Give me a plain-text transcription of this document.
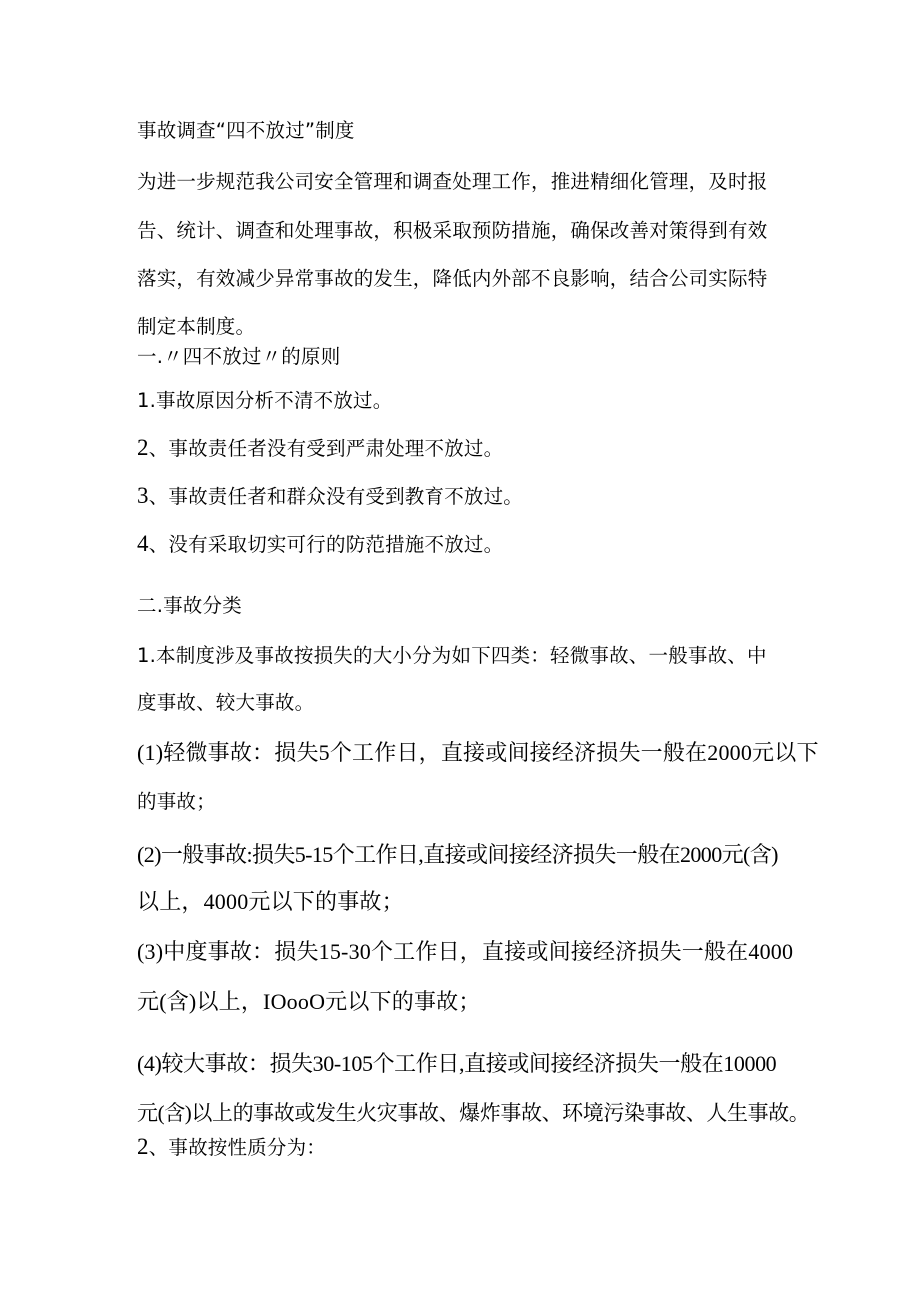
事故调查“四不放过”制度
为进一步规范我公司安全管理和调查处理工作，推进精细化管理，及时报
告、统计、调查和处理事故，积极采取预防措施，确保改善对策得到有效
落实，有效减少异常事故的发生，降低内外部不良影响，结合公司实际特
制定本制度。
一.〃四不放过〃的原则
1.事故原因分析不清不放过。
2、事故责任者没有受到严肃处理不放过。
3、事故责任者和群众没有受到教育不放过。
4、没有采取切实可行的防范措施不放过。
二.事故分类
1.本制度涉及事故按损失的大小分为如下四类：轻微事故、一般事故、中
度事故、较大事故。
(1)轻微事故：损失5个工作日，直接或间接经济损失一般在2000元以下
的事故；
(2)一般事故:损失5-15个工作日,直接或间接经济损失一般在2000元(含)
以上，4000元以下的事故；
(3)中度事故：损失15-30个工作日，直接或间接经济损失一般在4000
元(含)以上，IOooO元以下的事故；
(4)较大事故：损失30-105个工作日,直接或间接经济损失一般在10000
元(含)以上的事故或发生火灾事故、爆炸事故、环境污染事故、人生事故。
2、事故按性质分为：
